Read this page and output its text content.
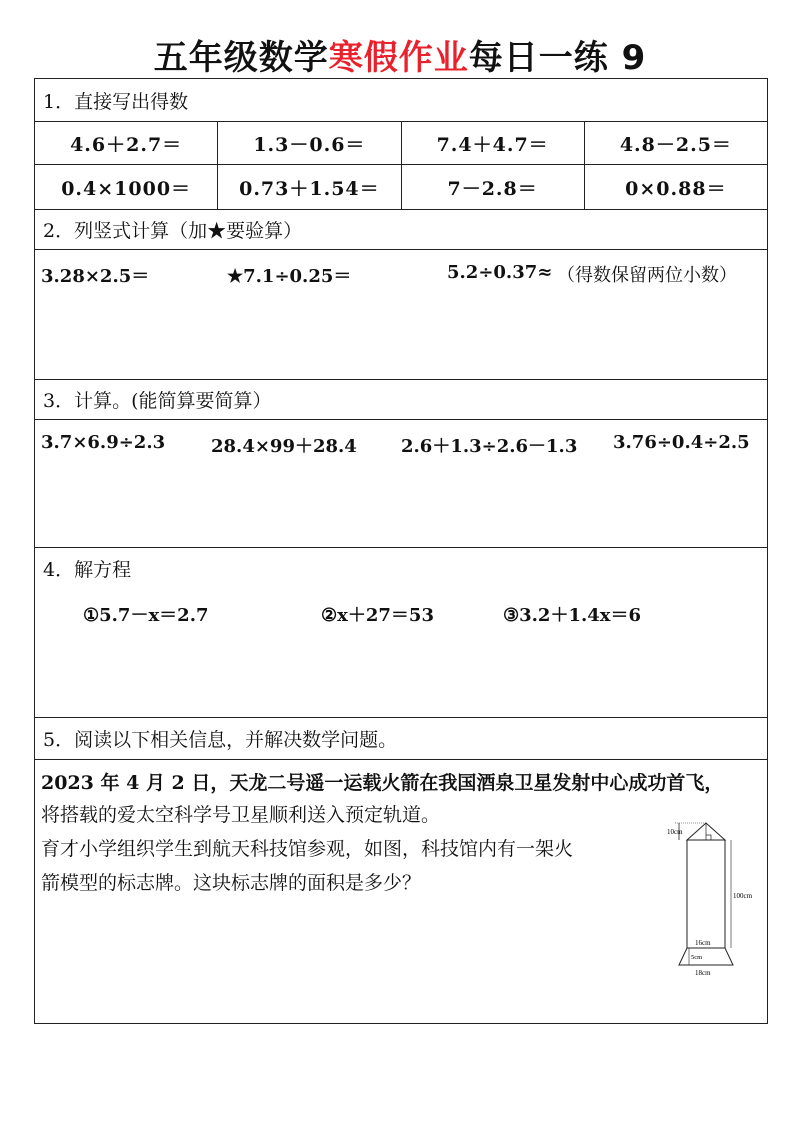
五年级数学寒假作业每日一练 9
1．直接写出得数
4.6＋2.7＝	1.3－0.6＝	7.4＋4.7＝	4.8－2.5＝
0.4×1000＝	0.73＋1.54＝	7－2.8＝	0×0.88＝
2．列竖式计算（加★要验算）
3.28×2.5＝	★7.1÷0.25＝	5.2÷0.37≈ （得数保留两位小数）
3．计算。(能简算要简算）
3.7×6.9÷2.3	28.4×99＋28.4 2.6＋1.3÷2.6－1.3 3.76÷0.4÷2.5
4．解方程
①5.7－x＝2.7	②x＋27＝53	③3.2＋1.4x＝6
5．阅读以下相关信息，并解决数学问题。
2023 年 4 月 2 日，天龙二号遥一运载火箭在我国酒泉卫星发射中心成功首飞，
将搭载的爱太空科学号卫星顺利送入预定轨道。
育才小学组织学生到航天科技馆参观，如图，科技馆内有一架火
箭模型的标志牌。这块标志牌的面积是多少？
10cm
100cm
16cm
5cm
18cm
